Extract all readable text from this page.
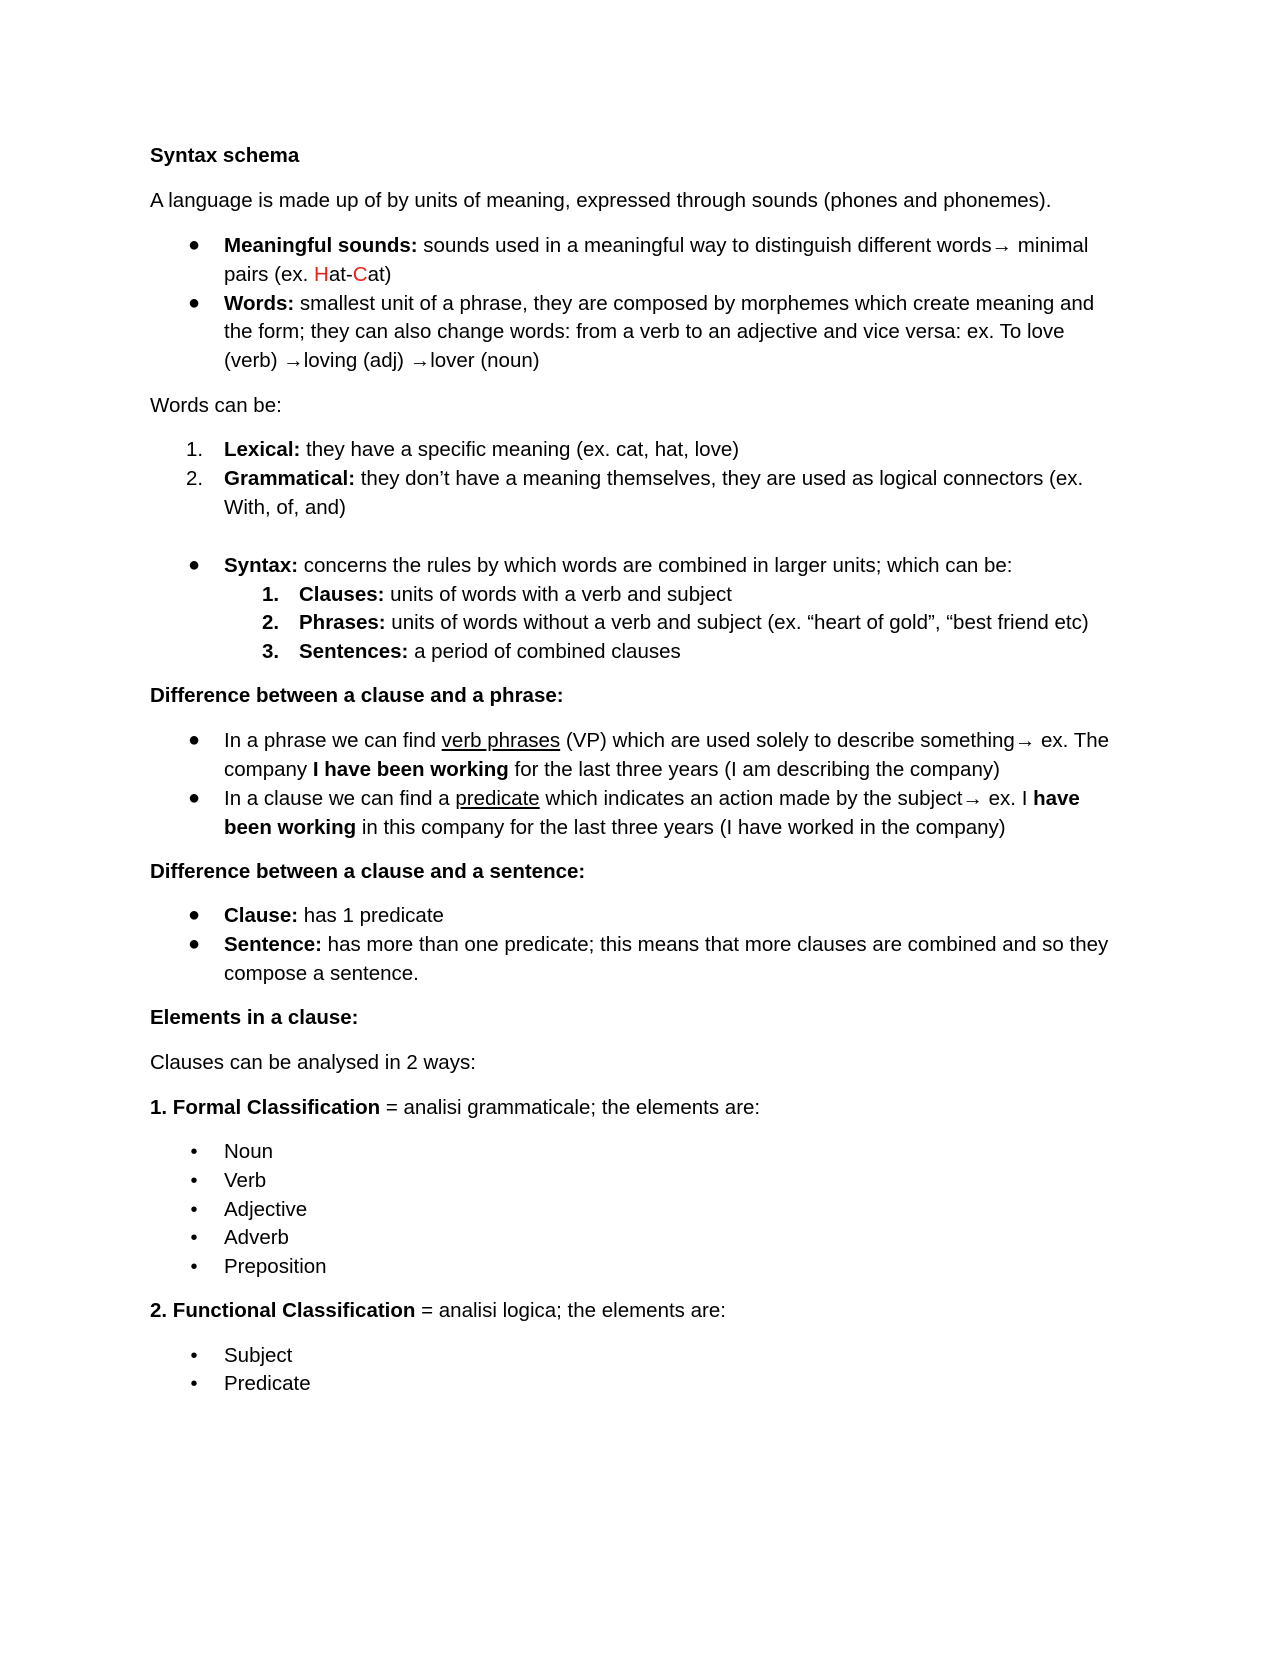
Syntax schema
A language is made up of by units of meaning, expressed through sounds (phones and phonemes).
● Meaningful sounds: sounds used in a meaningful way to distinguish different words→ minimal
pairs (ex. Hat-Cat)
● Words: smallest unit of a phrase, they are composed by morphemes which create meaning and
the form; they can also change words: from a verb to an adjective and vice versa: ex. To love
(verb) →loving (adj) →lover (noun)
Words can be:
1. Lexical: they have a specific meaning (ex. cat, hat, love)
2. Grammatical: they don’t have a meaning themselves, they are used as logical connectors (ex.
With, of, and)
● Syntax: concerns the rules by which words are combined in larger units; which can be:
1. Clauses: units of words with a verb and subject
2. Phrases: units of words without a verb and subject (ex. “heart of gold”, “best friend etc)
3. Sentences: a period of combined clauses
Difference between a clause and a phrase:
● In a phrase we can find verb phrases (VP) which are used solely to describe something→ ex. The
company I have been working for the last three years (I am describing the company)
● In a clause we can find a predicate which indicates an action made by the subject→ ex. I have
been working in this company for the last three years (I have worked in the company)
Difference between a clause and a sentence:
● Clause: has 1 predicate
● Sentence: has more than one predicate; this means that more clauses are combined and so they
compose a sentence.
Elements in a clause:
Clauses can be analysed in 2 ways:
1. Formal Classification = analisi grammaticale; the elements are:
• Noun
• Verb
• Adjective
• Adverb
• Preposition
2. Functional Classification = analisi logica; the elements are:
• Subject
• Predicate
